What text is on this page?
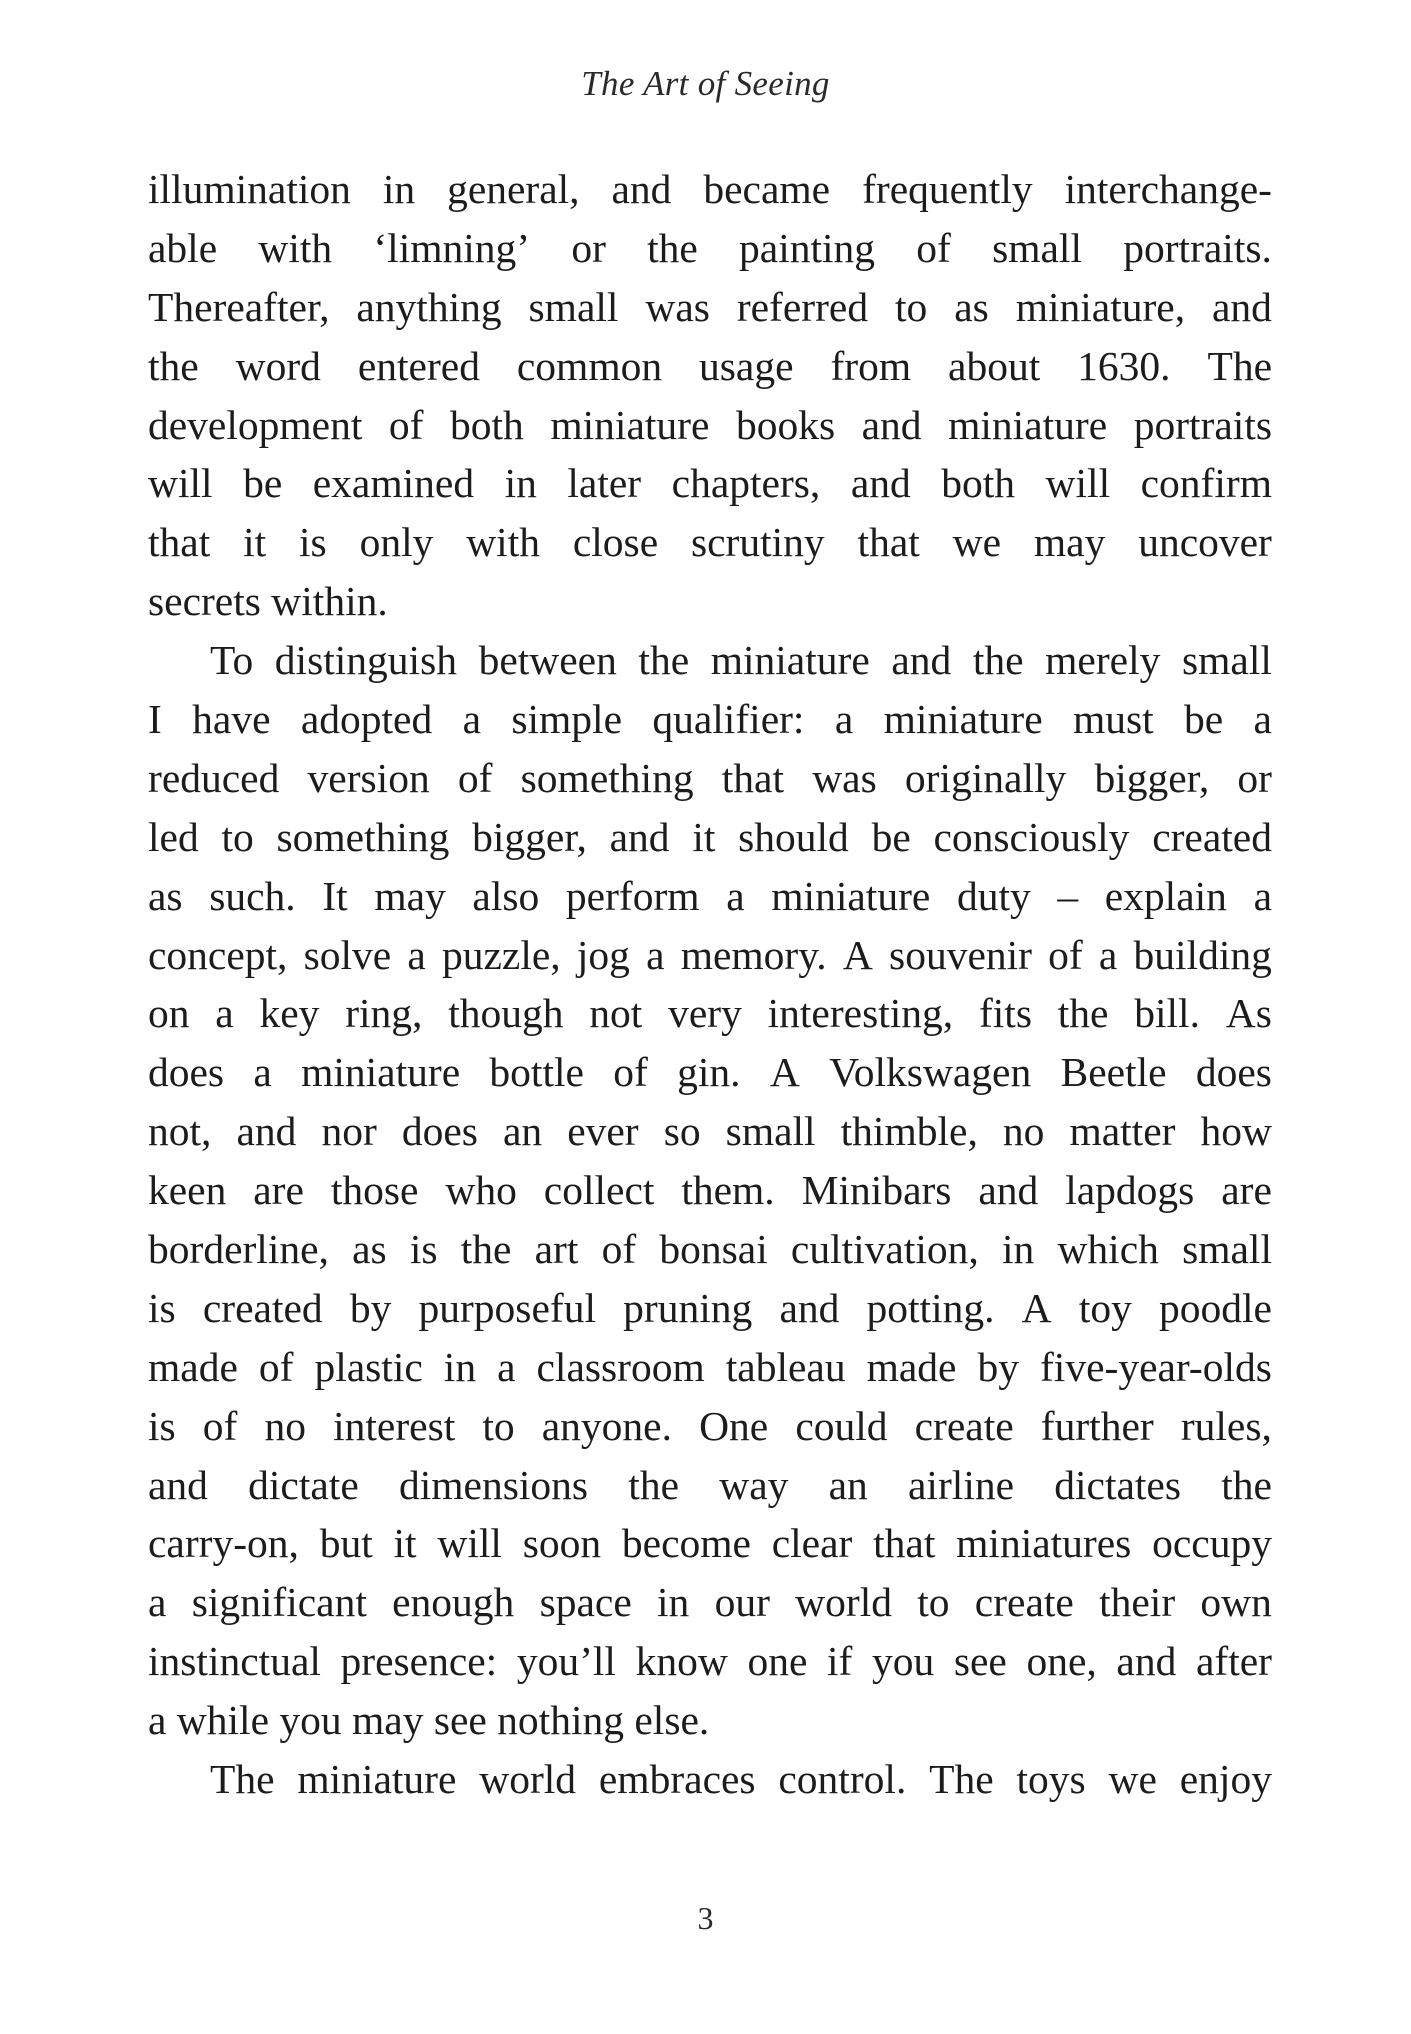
The Art of Seeing
illumination in general, and became frequently interchange-
able with ‘limning’ or the painting of small portraits.
Thereafter, anything small was referred to as miniature, and
the word entered common usage from about 1630. The
development of both miniature books and miniature portraits
will be examined in later chapters, and both will confirm
that it is only with close scrutiny that we may uncover
secrets within.
To distinguish between the miniature and the merely small
I have adopted a simple qualifier: a miniature must be a
reduced version of something that was originally bigger, or
led to something bigger, and it should be consciously created
as such. It may also perform a miniature duty – explain a
concept, solve a puzzle, jog a memory. A souvenir of a building
on a key ring, though not very interesting, fits the bill. As
does a miniature bottle of gin. A Volkswagen Beetle does
not, and nor does an ever so small thimble, no matter how
keen are those who collect them. Minibars and lapdogs are
borderline, as is the art of bonsai cultivation, in which small
is created by purposeful pruning and potting. A toy poodle
made of plastic in a classroom tableau made by five-year-olds
is of no interest to anyone. One could create further rules,
and dictate dimensions the way an airline dictates the
carry-on, but it will soon become clear that miniatures occupy
a significant enough space in our world to create their own
instinctual presence: you’ll know one if you see one, and after
a while you may see nothing else.
The miniature world embraces control. The toys we enjoy
3
